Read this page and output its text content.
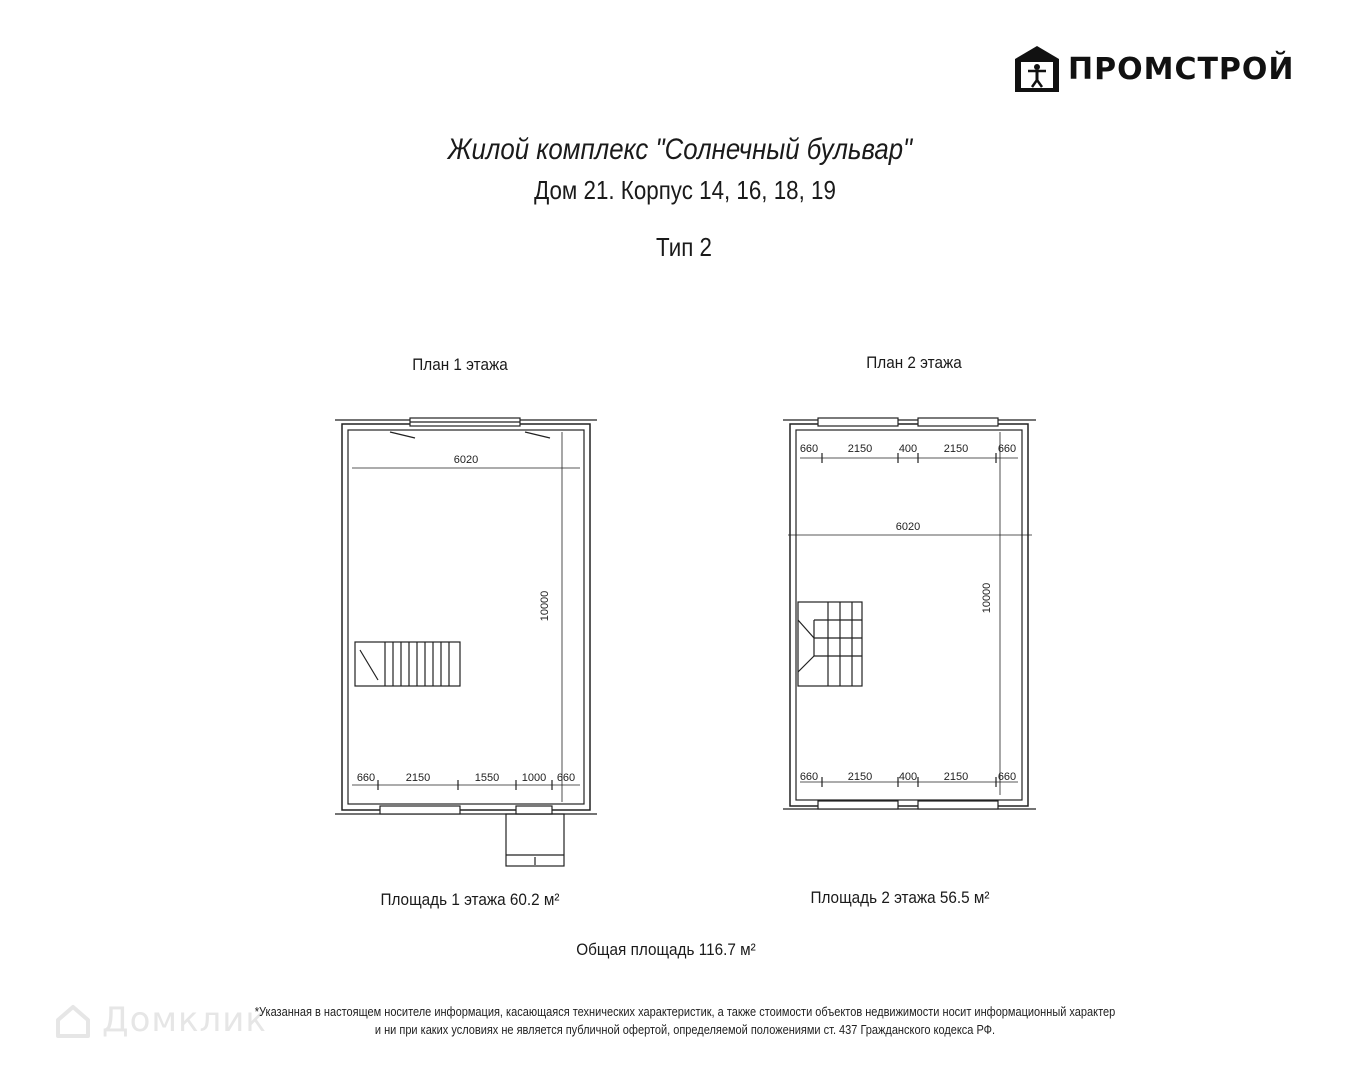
ПРОМСТРОЙ
Жилой комплекс "Солнечный бульвар"
Дом 21. Корпус 14, 16, 18, 19
Тип 2
План 1 этажа	План 2 этажа
6020
10000
660	2150	1550 1000 660
660	2150 400 2150	660
6020
10000
660	2150 400 2150	660
Площадь 1 этажа 60.2 м²	Площадь 2 этажа 56.5 м²
Общая площадь 116.7 м²
Домклик
*Указанная в настоящем носителе информация, касающаяся технических характеристик, а также стоимости объектов недвижимости носит информационный характер
и ни при каких условиях не является публичной офертой, определяемой положениями ст. 437 Гражданского кодекса РФ.
